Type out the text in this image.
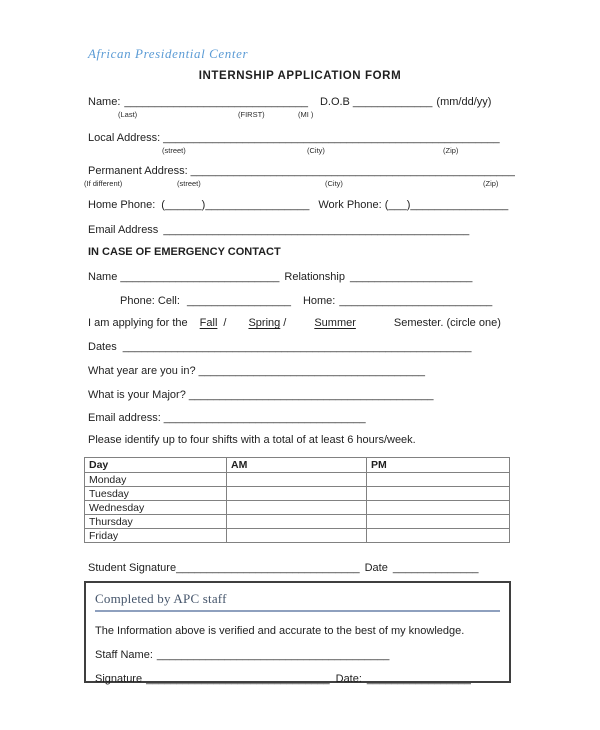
African Presidential Center
INTERNSHIP APPLICATION FORM
Name: ______________________________ D.O.B _____________ (mm/dd/yy)
(Last)	(FIRST)	(MI )
Local Address: _______________________________________________________
(street)	(City)	(Zip)
Permanent Address: _____________________________________________________
(If different)	(street)	(City)	(Zip)
Home Phone: (______)_________________ Work Phone: (___)________________
Email Address __________________________________________________
IN CASE OF EMERGENCY CONTACT
Name __________________________ Relationship ____________________
Phone: Cell: _________________ Home: _________________________
I am applying for the Fall / Spring /	Summer	Semester. (circle one)
Dates _________________________________________________________
What year are you in? _____________________________________
What is your Major? ________________________________________
Email address: _________________________________
Please identify up to four shifts with a total of at least 6 hours/week.
Day	AM	PM
Monday		
Tuesday		
Wednesday		
Thursday		
Friday		
Student Signature______________________________ Date ______________
Completed by APC staff
The Information above is verified and accurate to the best of my knowledge.
Staff Name: ______________________________________
Signature ______________________________ Date: _________________
